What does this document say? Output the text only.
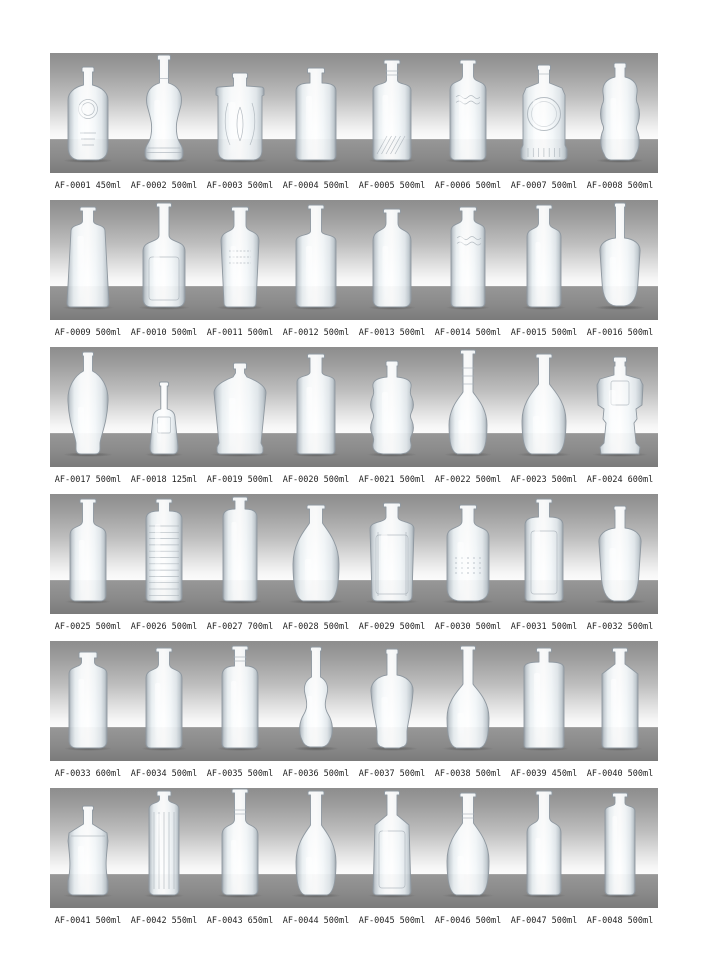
AF-0001 450ml	AF-0002 500ml	AF-0003 500ml	AF-0004 500ml	AF-0005 500ml	AF-0006 500ml	AF-0007 500ml	AF-0008 500ml
AF-0009 500ml	AF-0010 500ml	AF-0011 500ml	AF-0012 500ml	AF-0013 500ml	AF-0014 500ml	AF-0015 500ml	AF-0016 500ml
AF-0017 500ml	AF-0018 125ml	AF-0019 500ml	AF-0020 500ml	AF-0021 500ml	AF-0022 500ml	AF-0023 500ml	AF-0024 600ml
AF-0025 500ml	AF-0026 500ml	AF-0027 700ml	AF-0028 500ml	AF-0029 500ml	AF-0030 500ml	AF-0031 500ml	AF-0032 500ml
AF-0033 600ml	AF-0034 500ml	AF-0035 500ml	AF-0036 500ml	AF-0037 500ml	AF-0038 500ml	AF-0039 450ml	AF-0040 500ml
AF-0041 500ml	AF-0042 550ml	AF-0043 650ml	AF-0044 500ml	AF-0045 500ml	AF-0046 500ml	AF-0047 500ml	AF-0048 500ml
